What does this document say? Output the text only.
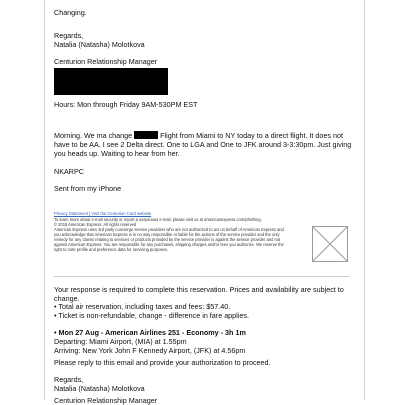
Changing.
Regards,
Natalia (Natasha) Molotkova
Centurion Relationship Manager
Hours: Mon through Friday 9AM-530PM EST
Morning. We ma change	Flight from Miami to NY today to a direct flight. It does not have to be AA. I see 2 Delta direct. One to LGA and One to JFK around 3-3:30pm. Just giving you heads up. Waiting to hear from her.
NKARPC
Sent from my iPhone
Privacy Statement | Visit the Centurion Card website
To learn more about e-mail security or report a suspicious e-mail, please visit us at americanexpress.com/phishing.
© 2015 American Express. All rights reserved
American Express uses 3rd party concierge service providers who are not authorized to act on behalf of American Express and you acknowledge that American Express is in no way responsible or liable for the actions of the service provider and the only remedy for any claims relating to services or products provided by the service provider is against the service provider and not against American Express. You are responsible for any purchases, shipping charges and/or fees you authorize. We reserve the right to note profile and preference data for servicing purposes.
Your response is required to complete this reservation. Prices and availability are subject to change.
• Total air reservation, including taxes and fees: $57.40.
• Ticket is non-refundable, change - difference in fare applies.
• Mon 27 Aug - American Airlines 251 - Economy - 3h 1m
Departing: Miami Airport, (MIA) at 1.55pm
Arriving: New York John F Kennedy Airport, (JFK) at 4.56pm
Please reply to this email and provide your authorization to proceed.
Regards,
Natalia (Natasha) Molotkova
Centurion Relationship Manager
